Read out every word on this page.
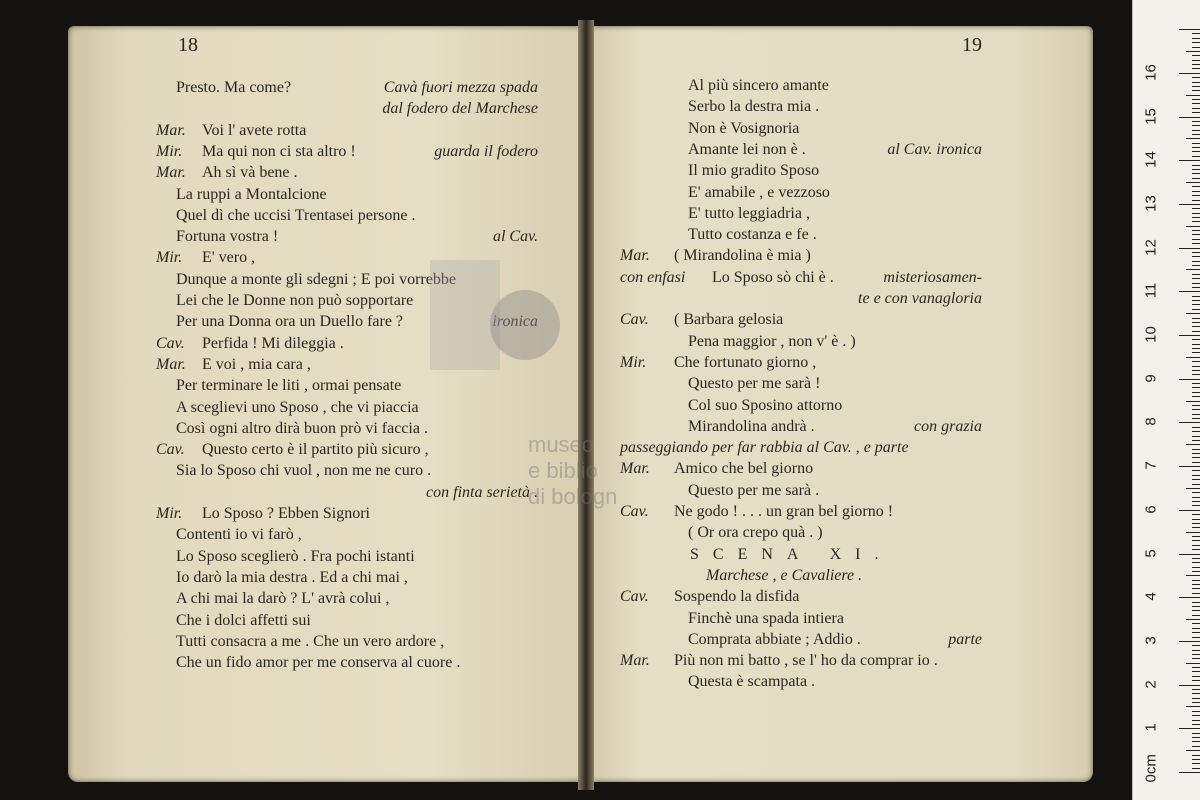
18	19
Presto. Ma come?	Cavà fuori mezza spada
dal fodero del Marchese
Mar. Voi l' avete rotta
Mir. Ma qui non ci sta altro !	guarda il fodero
Mar. Ah sì và bene .
La ruppi a Montalcione
Quel dì che uccisi Trentasei persone .
Fortuna vostra !	al Cav.
Mir. E' vero ,
Dunque a monte gli sdegni ; E poi vorrebbe
Lei che le Donne non può sopportare
Per una Donna ora un Duello fare ?	ironica
Cav. Perfida ! Mi dileggia .
Mar. E voi , mia cara ,
Per terminare le liti , ormai pensate
A sceglievi uno Sposo , che vi piaccia
Così ogni altro dirà buon prò vi faccia .
Cav. Questo certo è il partito più sicuro ,
Sia lo Sposo chi vuol , non me ne curo .
con finta serietà .
Mir. Lo Sposo ? Ebben Signori
Contenti io vi farò ,
Lo Sposo sceglierò . Fra pochi istanti
Io darò la mia destra . Ed a chi mai ,
A chi mai la darò ? L' avrà colui ,
Che i dolci affetti sui
Tutti consacra a me . Che un vero ardore ,
Che un fido amor per me conserva al cuore .
Al più sincero amante
Serbo la destra mia .
Non è Vosignoria
Amante lei non è .	al Cav. ironica
Il mio gradito Sposo
E' amabile , e vezzoso
E' tutto leggiadria ,
Tutto costanza e fe .
Mar. ( Mirandolina è mia )
con enfasi Lo Sposo sò chi è .	misteriosamen-
te e con vanagloria
Cav. ( Barbara gelosia
Pena maggior , non v' è . )
Mir. Che fortunato giorno ,
Questo per me sarà !
Col suo Sposino attorno
Mirandolina andrà .	con grazia
passeggiando per far rabbia al Cav. , e parte
Mar. Amico che bel giorno
Questo per me sarà .
Cav. Ne godo ! . . . un gran bel giorno !
( Or ora crepo quà . )
SCENA XI.
Marchese , e Cavaliere .
Cav. Sospendo la disfida
Finchè una spada intiera
Comprata abbiate ; Addio .	parte
Mar. Più non mi batto , se l' ho da comprar io .
Questa è scampata .
museo
e biblio
di bologn
0cm
1
2
3
4
5
6
7
8
9
10
11
12
13
14
15
16
